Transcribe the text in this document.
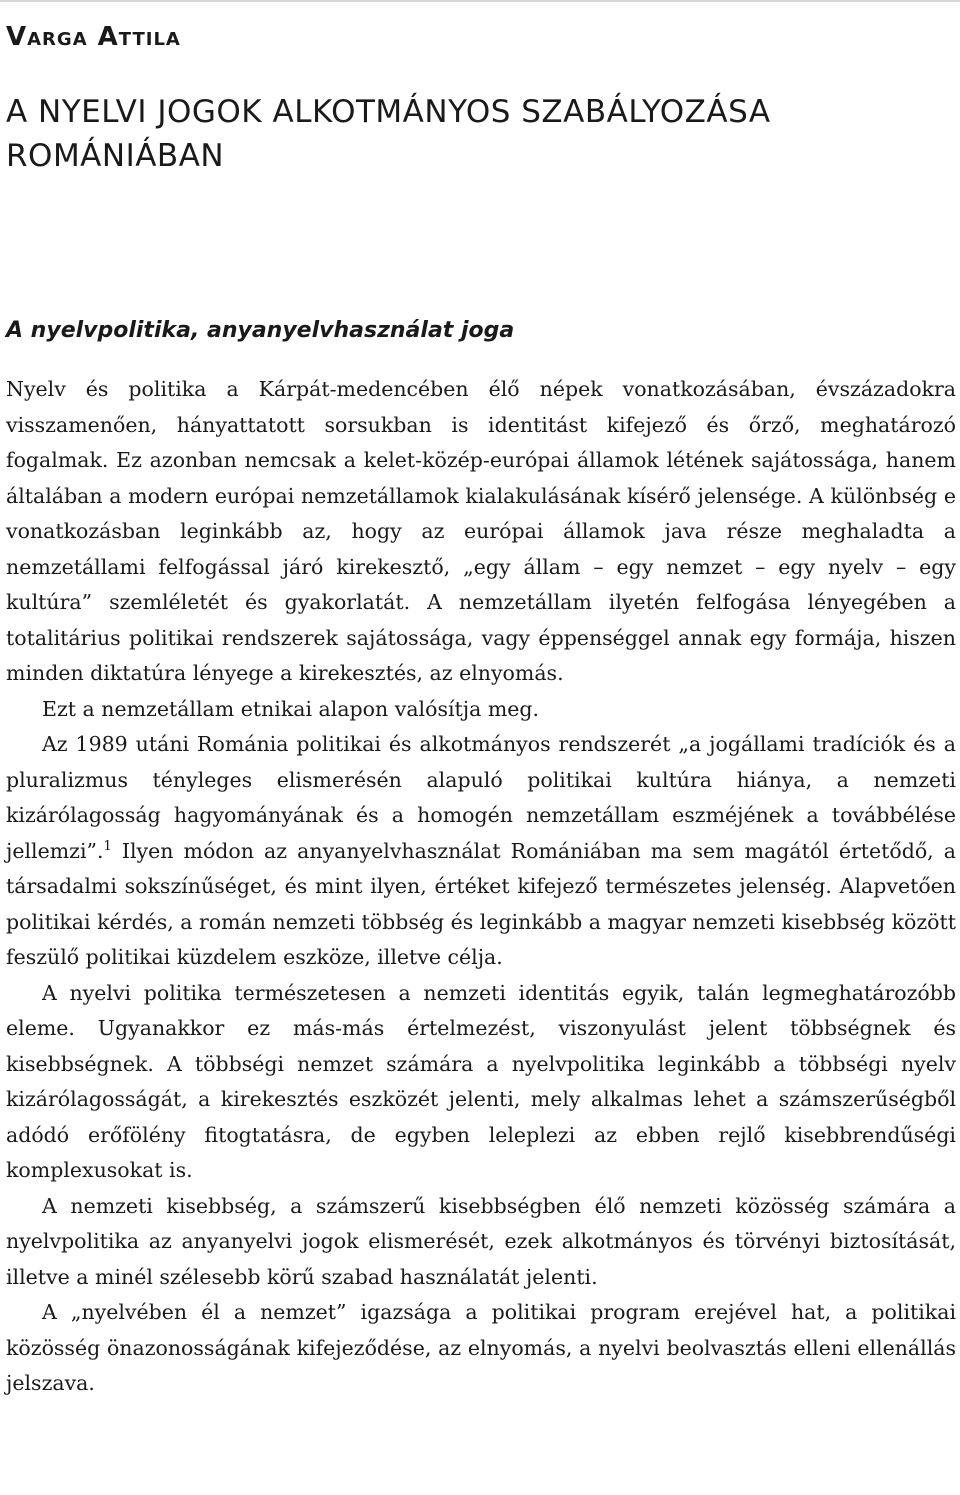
Varga Attila
A NYELVI JOGOK ALKOTMÁNYOS SZABÁLYOZÁSA ROMÁNIÁBAN
A nyelvpolitika, anyanyelvhasználat joga

Nyelv és politika a Kárpát-medencében élő népek vonatkozásában, évszázadokra visszamenően, hányattatott sorsukban is identitást kifejező és őrző, meghatározó fogalmak. Ez azonban nemcsak a kelet-közép-európai államok létének sajátossága, hanem általában a modern európai nemzetállamok kialakulásának kísérő jelensége. A különbség e vonatkozásban leginkább az, hogy az európai államok java része meghaladta a nemzetállami felfogással járó kirekesztő, „egy állam – egy nemzet – egy nyelv – egy kultúra” szemléletét és gyakorlatát. A nemzetállam ilyetén felfogása lényegében a totalitárius politikai rendszerek sajátossága, vagy éppenséggel annak egy formája, hiszen minden diktatúra lényege a kirekesztés, az elnyomás.

Ezt a nemzetállam etnikai alapon valósítja meg.

Az 1989 utáni Románia politikai és alkotmányos rendszerét „a jogállami tradíciók és a pluralizmus tényleges elismerésén alapuló politikai kultúra hiánya, a nemzeti kizárólagosság hagyományának és a homogén nemzetállam eszméjének a továbbélése jellemzi”.$^1$ Ilyen módon az anyanyelvhasználat Romániában ma sem magától értetődő, a társadalmi sokszínűséget, és mint ilyen, értéket kifejező természetes jelenség. Alapvetően politikai kérdés, a román nemzeti többség és leginkább a magyar nemzeti kisebbség között feszülő politikai küzdelem eszköze, illetve célja.

A nyelvi politika természetesen a nemzeti identitás egyik, talán legmeghatározóbb eleme. Ugyanakkor ez más-más értelmezést, viszonyulást jelent többségnek és kisebbségnek. A többségi nemzet számára a nyelvpolitika leginkább a többségi nyelv kizárólagosságát, a kirekesztés eszközét jelenti, mely alkalmas lehet a számszerűségből adódó erőfölény fitogtatásra, de egyben leleplezi az ebben rejlő kisebbrendűségi komplexusokat is.

A nemzeti kisebbség, a számszerű kisebbségben élő nemzeti közösség számára a nyelvpolitika az anyanyelvi jogok elismerését, ezek alkotmányos és törvényi biztosítását, illetve a minél szélesebb körű szabad használatát jelenti.

A „nyelvében él a nemzet” igazsága a politikai program erejével hat, a politikai közösség önazonosságának kifejeződése, az elnyomás, a nyelvi beolvasztás elleni ellenállás jelszava.
